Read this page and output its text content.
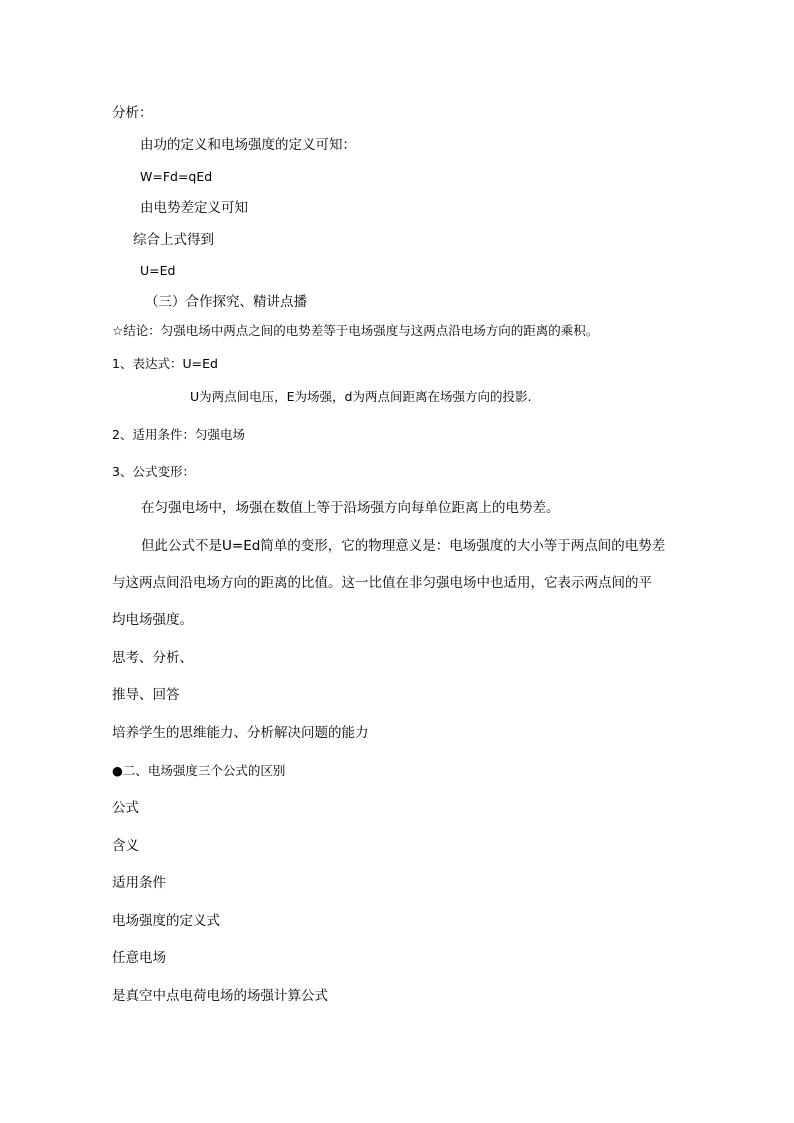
分析：
由功的定义和电场强度的定义可知：
W=Fd=qEd
由电势差定义可知
综合上式得到
U=Ed
（三）合作探究、精讲点播
☆结论：匀强电场中两点之间的电势差等于电场强度与这两点沿电场方向的距离的乘积。
1、表达式：U=Ed
U为两点间电压，E为场强，d为两点间距离在场强方向的投影.
2、适用条件：匀强电场
3、公式变形：
在匀强电场中，场强在数值上等于沿场强方向每单位距离上的电势差。
但此公式不是U=Ed简单的变形，它的物理意义是：电场强度的大小等于两点间的电势差
与这两点间沿电场方向的距离的比值。这一比值在非匀强电场中也适用，它表示两点间的平
均电场强度。
思考、分析、
推导、回答
培养学生的思维能力、分析解决问题的能力
●二、电场强度三个公式的区别
公式
含义
适用条件
电场强度的定义式
任意电场
是真空中点电荷电场的场强计算公式
